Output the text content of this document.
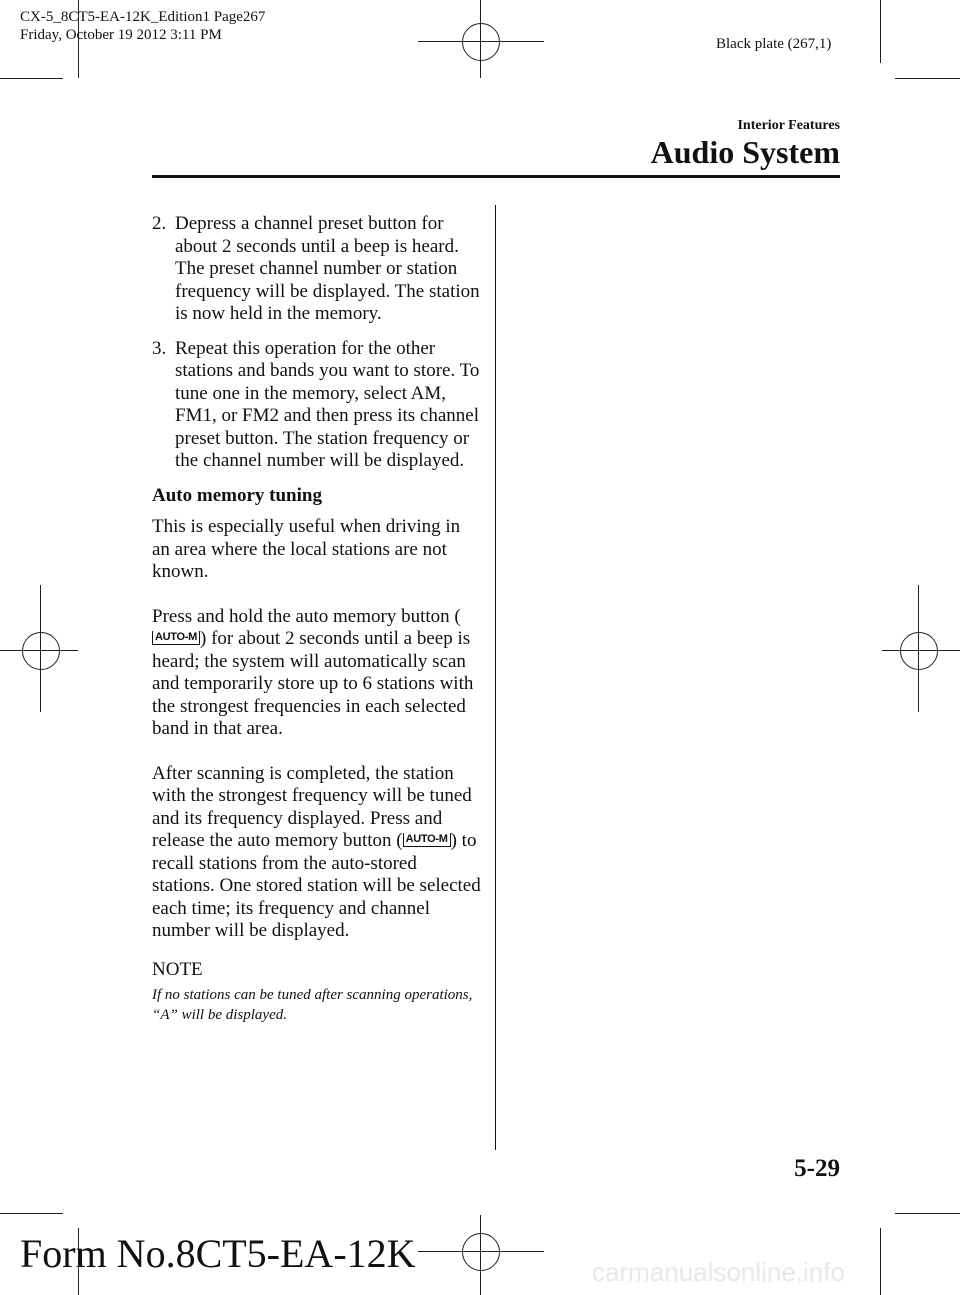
CX-5_8CT5-EA-12K_Edition1 Page267
Friday, October 19 2012 3:11 PM
Black plate (267,1)
Interior Features
Audio System
2. Depress a channel preset button for about 2 seconds until a beep is heard. The preset channel number or station frequency will be displayed. The station is now held in the memory.
3. Repeat this operation for the other stations and bands you want to store. To tune one in the memory, select AM, FM1, or FM2 and then press its channel preset button. The station frequency or the channel number will be displayed.
Auto memory tuning

This is especially useful when driving in an area where the local stations are not known.

Press and hold the auto memory button (AUTO-M ) for about 2 seconds until a beep is heard; the system will automatically scan and temporarily store up to 6 stations with the strongest frequencies in each selected band in that area.

After scanning is completed, the station with the strongest frequency will be tuned and its frequency displayed. Press and release the auto memory button ( AUTO-M ) to recall stations from the auto-stored stations. One stored station will be selected each time; its frequency and channel number will be displayed.

NOTE
If no stations can be tuned after scanning operations, “A” will be displayed.
5-29
Form No.8CT5-EA-12K	carmanualsonline.info
